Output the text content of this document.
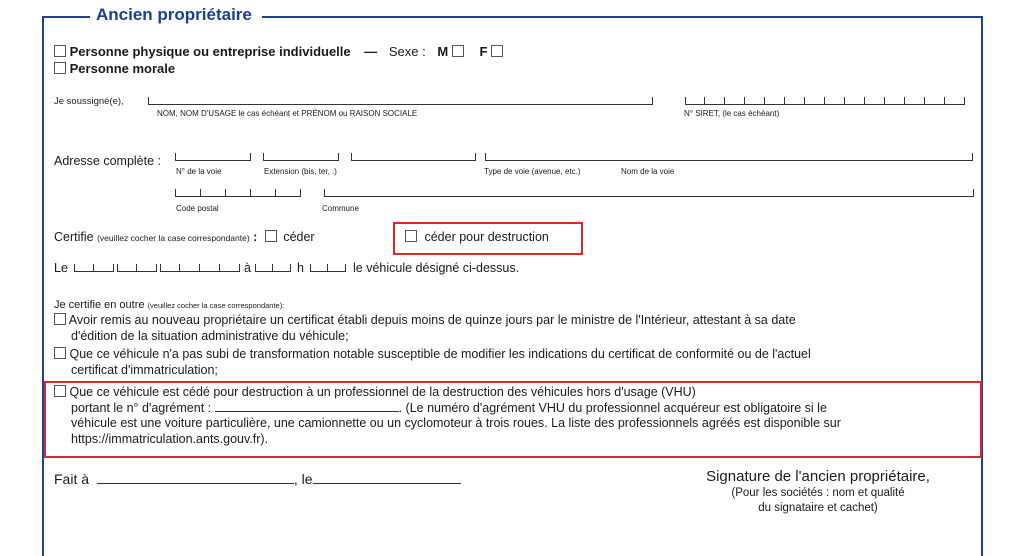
Ancien propriétaire
Personne physique ou entreprise individuelle — Sexe : M F
Personne morale
Je soussigné(e),
NOM, NOM D'USAGE le cas échéant et PRÉNOM ou RAISON SOCIALE	N° SIRET, (le cas échéant)
Adresse complète :
N° de la voie	Extension (bis, ter, .)	Type de voie (avenue, etc.)	Nom de la voie
Code postal	Commune
Certifie (veuillez cocher la case correspondante) : céder	céder pour destruction
Le	à	h	le véhicule désigné ci-dessus.
Je certifie en outre (veuillez cocher la case correspondante):
Avoir remis au nouveau propriétaire un certificat établi depuis moins de quinze jours par le ministre de l'Intérieur, attestant à sa date
d'édition de la situation administrative du véhicule;
Que ce véhicule n'a pas subi de transformation notable susceptible de modifier les indications du certificat de conformité ou de l'actuel
certificat d'immatriculation;
Que ce véhicule est cédé pour destruction à un professionnel de la destruction des véhicules hors d'usage (VHU)
portant le n° d'agrément :	. (Le numéro d'agrément VHU du professionnel acquéreur est obligatoire si le
véhicule est une voiture particulière, une camionnette ou un cyclomoteur à trois roues. La liste des professionnels agréés est disponible sur
https://immatriculation.ants.gouv.fr).
Fait à	, le	Signature de l'ancien propriétaire,
(Pour les sociétés : nom et qualité
du signataire et cachet)
